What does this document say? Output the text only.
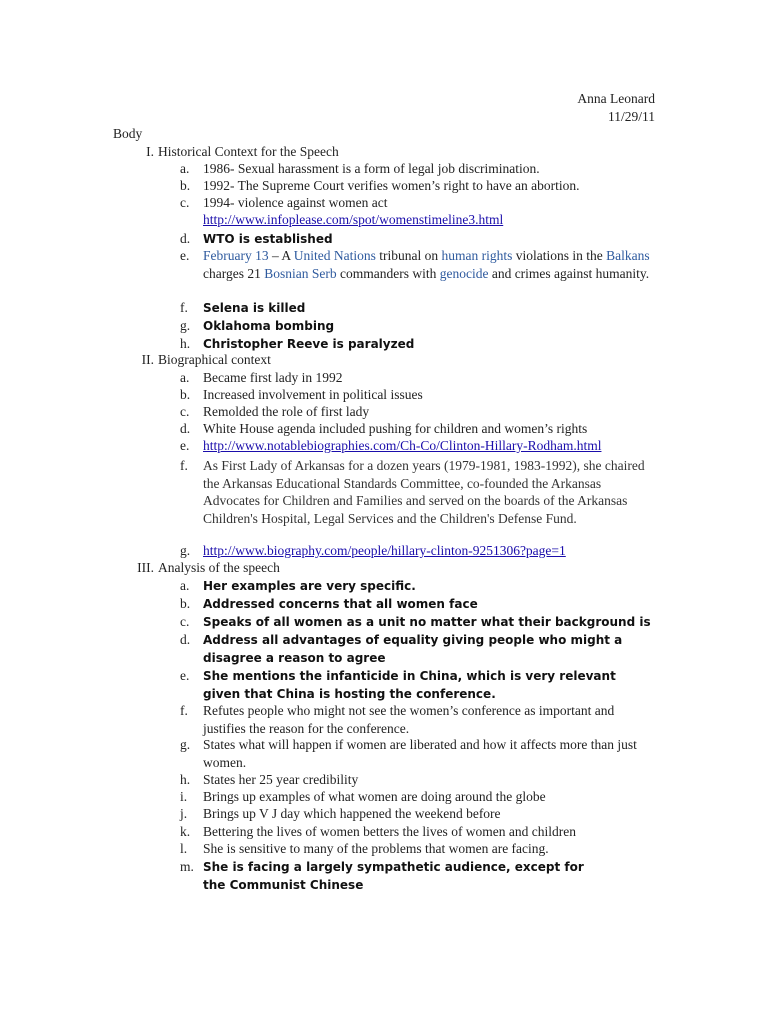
Anna Leonard
11/29/11
Body
I. Historical Context for the Speech
a. 1986- Sexual harassment is a form of legal job discrimination.
b. 1992- The Supreme Court verifies women’s right to have an abortion.
c. 1994- violence against women act
http://www.infoplease.com/spot/womenstimeline3.html
d. WTO is established
e. February 13 – A United Nations tribunal on human rights violations in the Balkans charges 21 Bosnian Serb commanders with genocide and crimes against humanity.
f. Selena is killed
g. Oklahoma bombing
h. Christopher Reeve is paralyzed
II. Biographical context
a. Became first lady in 1992
b. Increased involvement in political issues
c. Remolded the role of first lady
d. White House agenda included pushing for children and women’s rights
e. http://www.notablebiographies.com/Ch-Co/Clinton-Hillary-Rodham.html
f. As First Lady of Arkansas for a dozen years (1979-1981, 1983-1992), she chaired the Arkansas Educational Standards Committee, co-founded the Arkansas Advocates for Children and Families and served on the boards of the Arkansas Children's Hospital, Legal Services and the Children's Defense Fund.
g. http://www.biography.com/people/hillary-clinton-9251306?page=1
III. Analysis of the speech
a. Her examples are very specific.
b. Addressed concerns that all women face
c. Speaks of all women as a unit no matter what their background is
d. Address all advantages of equality giving people who might a disagree a reason to agree
e. She mentions the infanticide in China, which is very relevant given that China is hosting the conference.
f. Refutes people who might not see the women’s conference as important and justifies the reason for the conference.
g. States what will happen if women are liberated and how it affects more than just women.
h. States her 25 year credibility
i. Brings up examples of what women are doing around the globe
j. Brings up V J day which happened the weekend before
k. Bettering the lives of women betters the lives of women and children
l. She is sensitive to many of the problems that women are facing.
m. She is facing a largely sympathetic audience, except for the Communist Chinese
